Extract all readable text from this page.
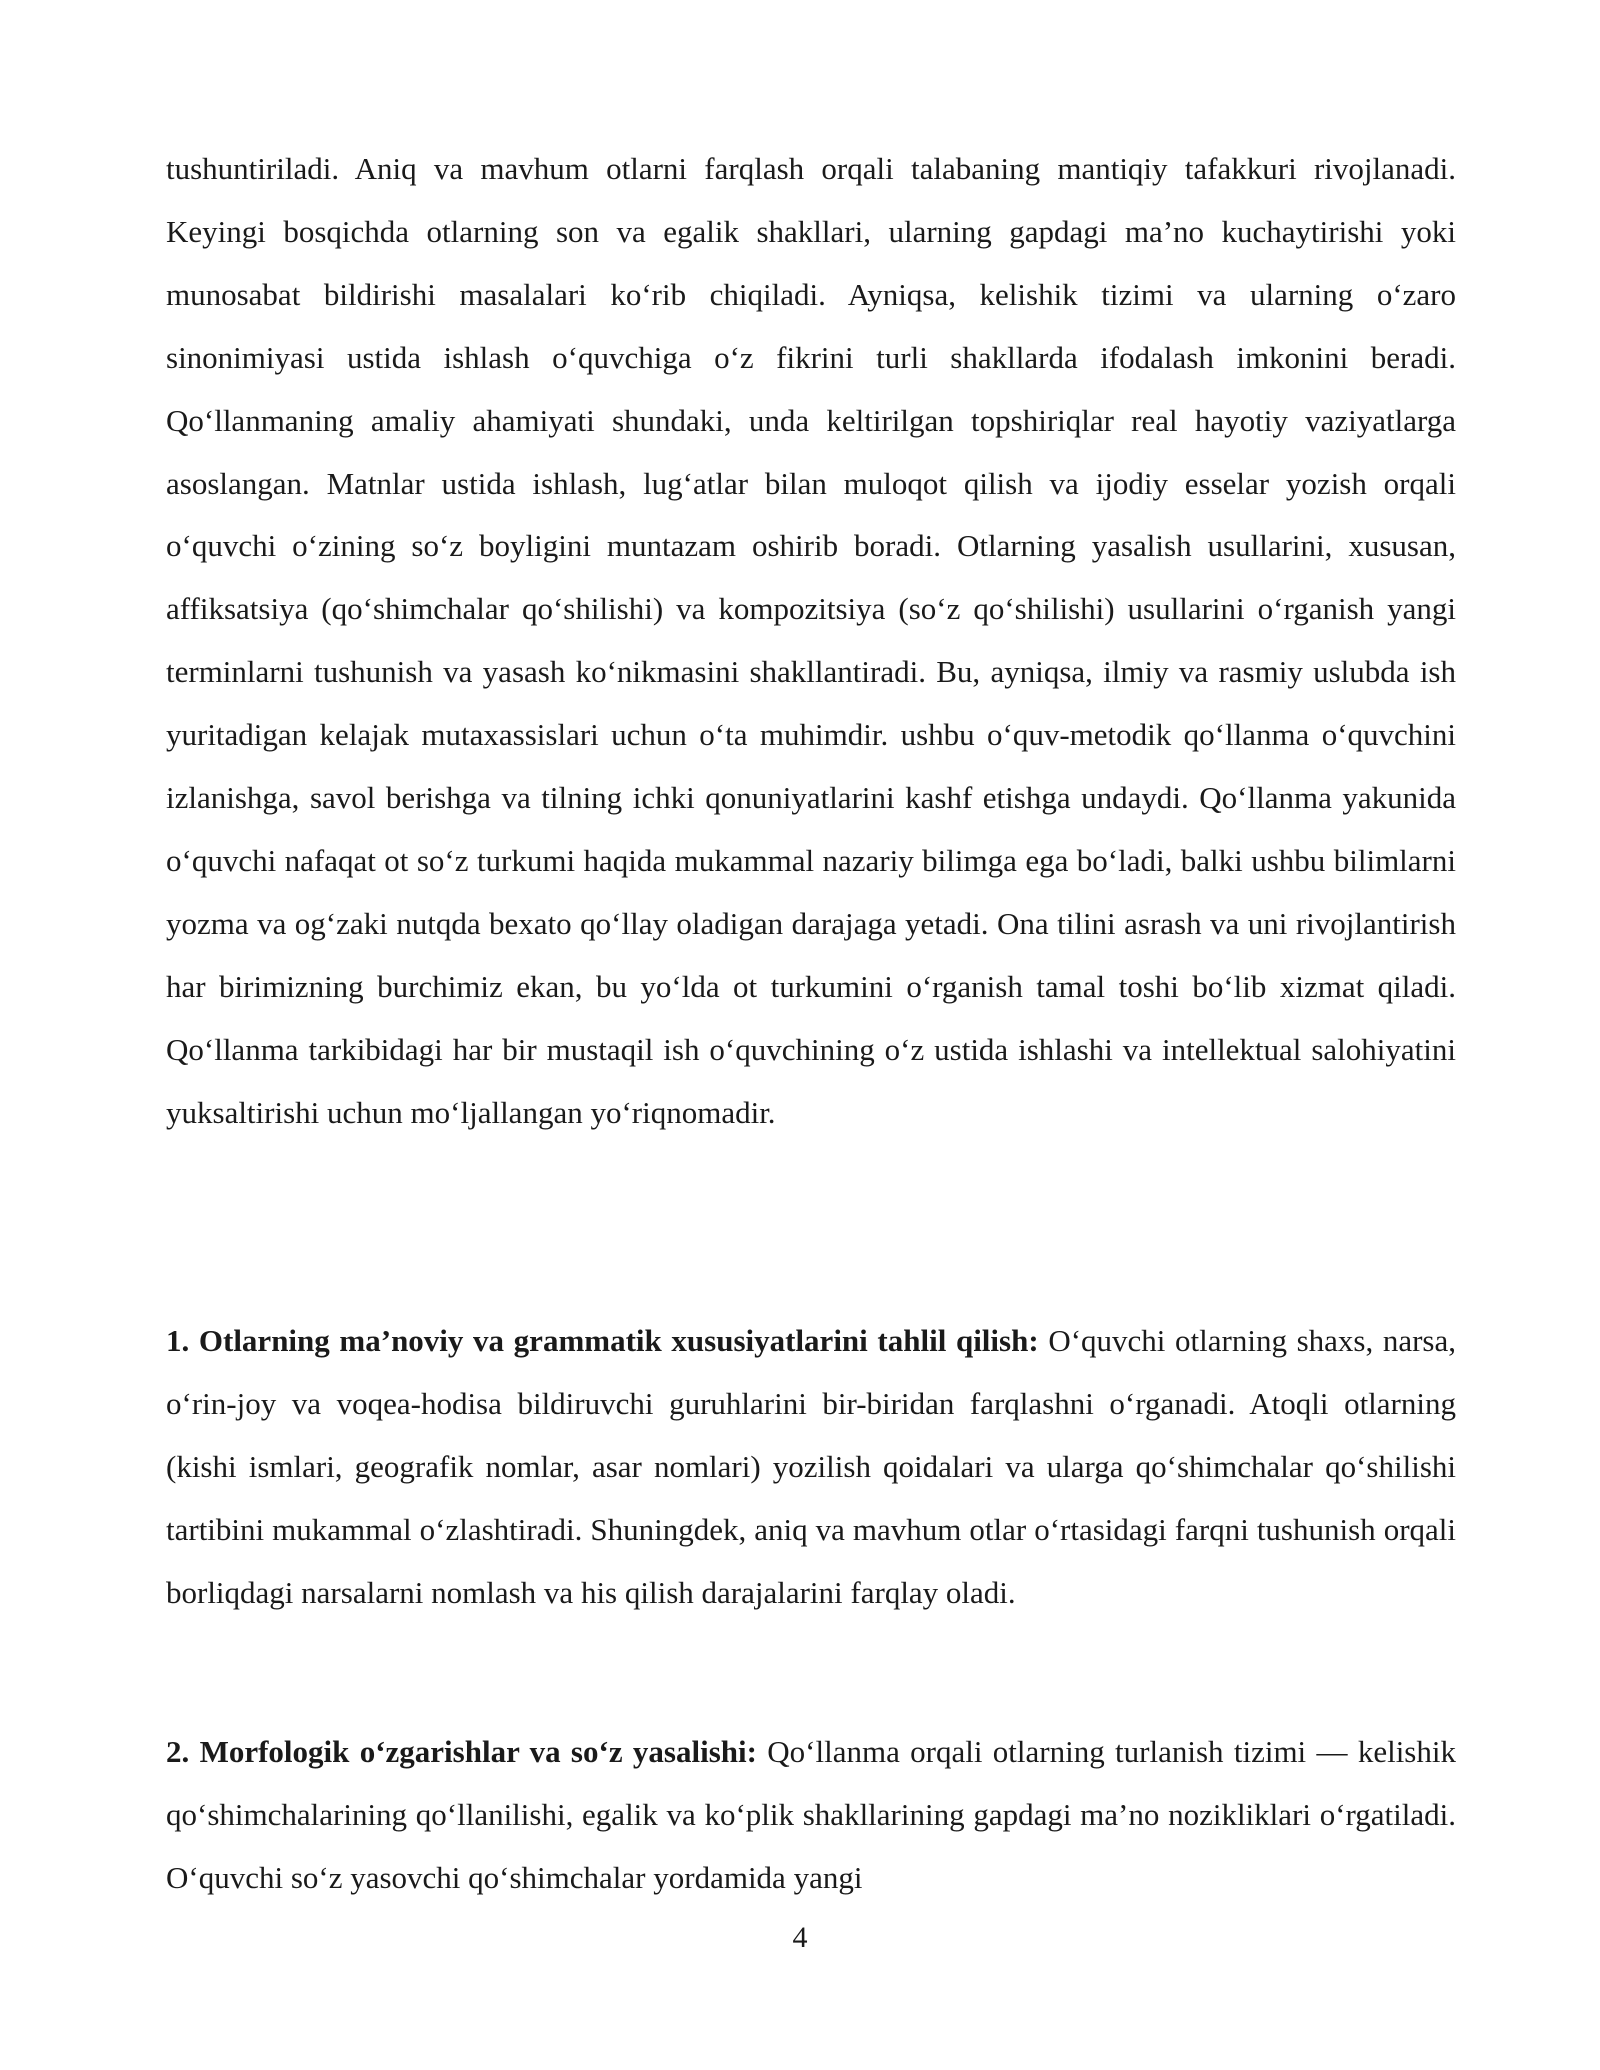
tushuntiriladi. Aniq va mavhum otlarni farqlash orqali talabaning mantiqiy tafakkuri rivojlanadi. Keyingi bosqichda otlarning son va egalik shakllari, ularning gapdagi ma’no kuchaytirishi yoki munosabat bildirishi masalalari ko‘rib chiqiladi. Ayniqsa, kelishik tizimi va ularning o‘zaro sinonimiyasi ustida ishlash o‘quvchiga o‘z fikrini turli shakllarda ifodalash imkonini beradi. Qo‘llanmaning amaliy ahamiyati shundaki, unda keltirilgan topshiriqlar real hayotiy vaziyatlarga asoslangan. Matnlar ustida ishlash, lug‘atlar bilan muloqot qilish va ijodiy esselar yozish orqali o‘quvchi o‘zining so‘z boyligini muntazam oshirib boradi. Otlarning yasalish usullarini, xususan, affiksatsiya (qo‘shimchalar qo‘shilishi) va kompozitsiya (so‘z qo‘shilishi) usullarini o‘rganish yangi terminlarni tushunish va yasash ko‘nikmasini shakllantiradi. Bu, ayniqsa, ilmiy va rasmiy uslubda ish yuritadigan kelajak mutaxassislari uchun o‘ta muhimdir. ushbu o‘quv-metodik qo‘llanma o‘quvchini izlanishga, savol berishga va tilning ichki qonuniyatlarini kashf etishga undaydi. Qo‘llanma yakunida o‘quvchi nafaqat ot so‘z turkumi haqida mukammal nazariy bilimga ega bo‘ladi, balki ushbu bilimlarni yozma va og‘zaki nutqda bexato qo‘llay oladigan darajaga yetadi. Ona tilini asrash va uni rivojlantirish har birimizning burchimiz ekan, bu yo‘lda ot turkumini o‘rganish tamal toshi bo‘lib xizmat qiladi. Qo‘llanma tarkibidagi har bir mustaqil ish o‘quvchining o‘z ustida ishlashi va intellektual salohiyatini yuksaltirishi uchun mo‘ljallangan yo‘riqnomadir.

1. Otlarning ma’noviy va grammatik xususiyatlarini tahlil qilish: O‘quvchi otlarning shaxs, narsa, o‘rin-joy va voqea-hodisa bildiruvchi guruhlarini bir-biridan farqlashni o‘rganadi. Atoqli otlarning (kishi ismlari, geografik nomlar, asar nomlari) yozilish qoidalari va ularga qo‘shimchalar qo‘shilishi tartibini mukammal o‘zlashtiradi. Shuningdek, aniq va mavhum otlar o‘rtasidagi farqni tushunish orqali borliqdagi narsalarni nomlash va his qilish darajalarini farqlay oladi.

2. Morfologik o‘zgarishlar va so‘z yasalishi: Qo‘llanma orqali otlarning turlanish tizimi — kelishik qo‘shimchalarining qo‘llanilishi, egalik va ko‘plik shakllarining gapdagi ma’no nozikliklari o‘rgatiladi. O‘quvchi so‘z yasovchi qo‘shimchalar yordamida yangi

4
